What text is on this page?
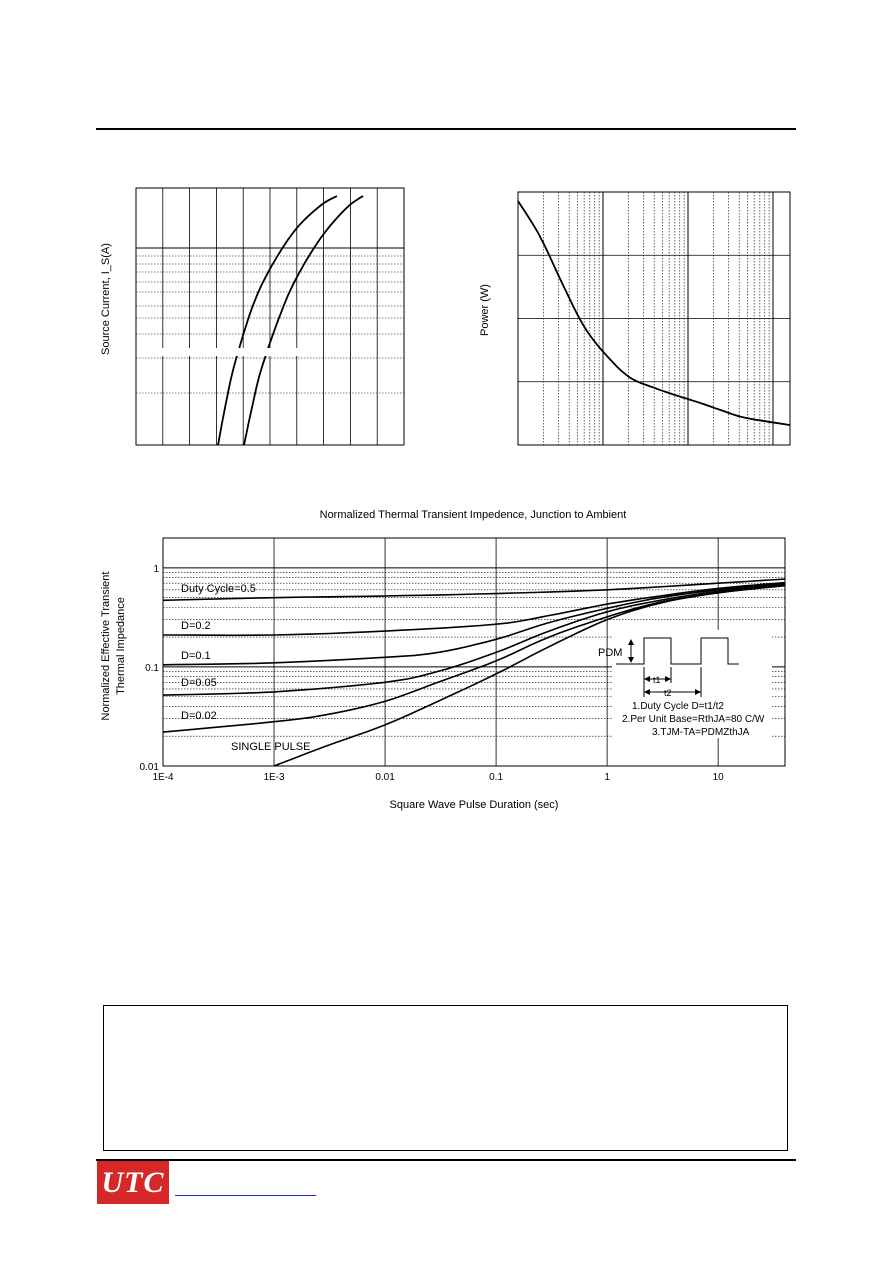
Source Current, I_S(A)	Power (W)
Normalized Thermal Transient Impedence, Junction to Ambient
Normalized Effective Transient Thermal Impedance
1
0.1
0.01
1E-4	1E-3	0.01	0.1	1	10
Duty Cycle=0.5
D=0.2
D=0.1
D=0.05
D=0.02
SINGLE PULSE
Square Wave Pulse Duration (sec)
1.Duty Cycle D=t1/t2
2.Per Unit Base=RthJA=80 C/W
3.TJM-TA=PDMZthJA
PDM
t1
t2
UTC
